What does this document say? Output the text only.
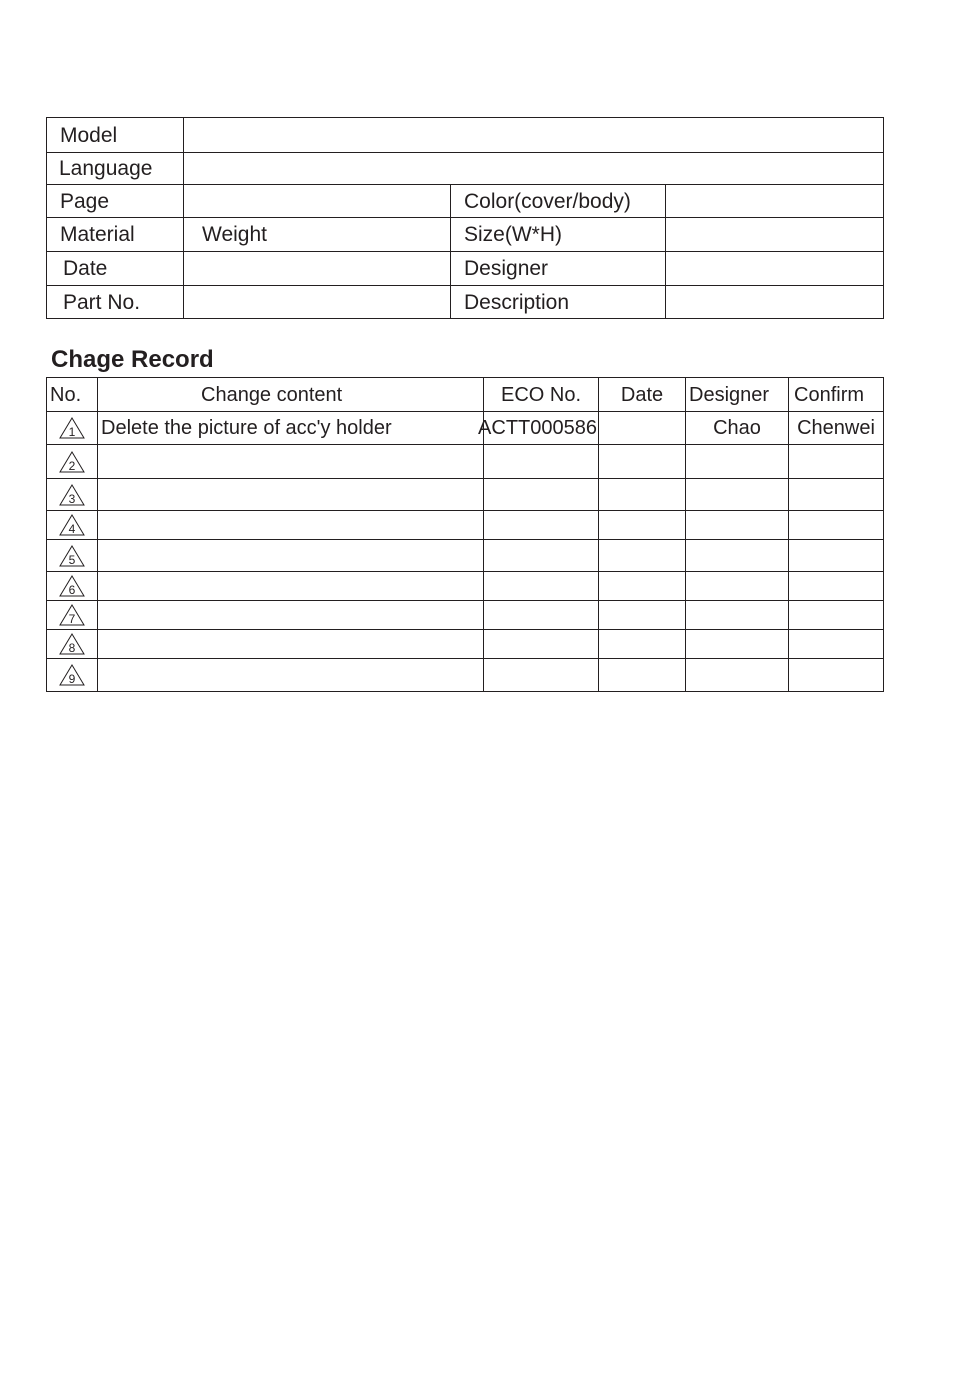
Model			
Language			
Page		Color(cover/body)	
Material	Weight	Size(W*H)	
Date		Designer	
Part No.		Description	
Chage Record
No.	Change content	ECO No.	Date	Designer	Confirm

1	Delete the picture of acc'y holder	ACTT000586		Chao	Chenwei

2					

3					

4					

5					

6					

7					

8					

9					
